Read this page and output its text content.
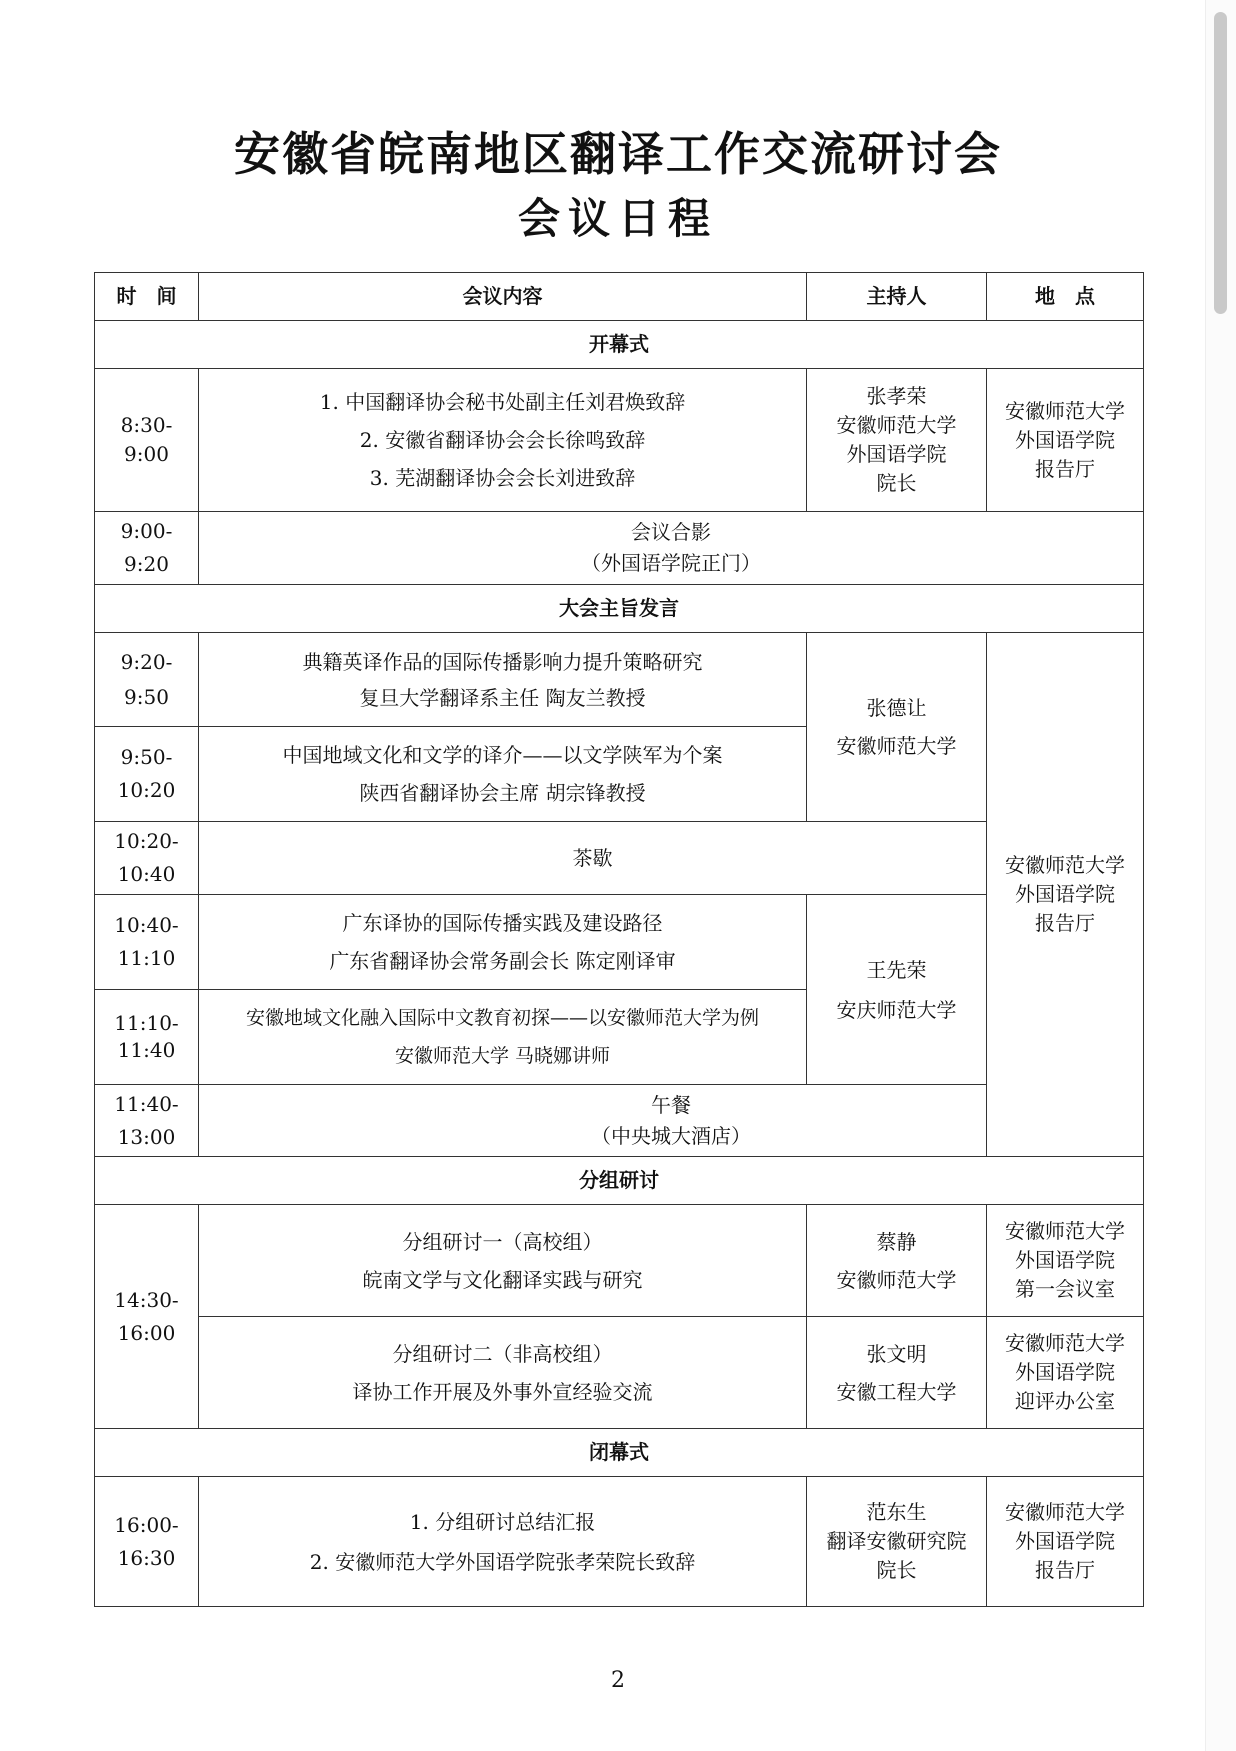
安徽省皖南地区翻译工作交流研讨会
会议日程
时　间	会议内容	主持人	地　点
开幕式			

8:30-
9:00	1. 中国翻译协会秘书处副主任刘君焕致辞
2. 安徽省翻译协会会长徐鸣致辞
3. 芜湖翻译协会会长刘进致辞	张孝荣
安徽师范大学
外国语学院
院长	安徽师范大学
外国语学院
报告厅

9:00-
9:20	会议合影
（外国语学院正门）		

大会主旨发言			

9:20-
9:50	典籍英译作品的国际传播影响力提升策略研究
复旦大学翻译系主任 陶友兰教授	张德让
安徽师范大学	安徽师范大学
外国语学院
报告厅

9:50-
10:20	中国地域文化和文学的译介——以文学陕军为个案
陕西省翻译协会主席 胡宗锋教授		

10:20-
10:40	茶歇		

10:40-
11:10	广东译协的国际传播实践及建设路径
广东省翻译协会常务副会长 陈定刚译审	王先荣
安庆师范大学	

11:10-
11:40	安徽地域文化融入国际中文教育初探——以安徽师范大学为例
安徽师范大学 马晓娜讲师		

11:40-
13:00	午餐
（中央城大酒店）		

分组研讨			

14:30-
16:00	分组研讨一（高校组）
皖南文学与文化翻译实践与研究	蔡静
安徽师范大学	安徽师范大学
外国语学院
第一会议室

	分组研讨二（非高校组）
译协工作开展及外事外宣经验交流	张文明
安徽工程大学	安徽师范大学
外国语学院
迎评办公室

闭幕式			

16:00-
16:30	1. 分组研讨总结汇报
2. 安徽师范大学外国语学院张孝荣院长致辞	范东生
翻译安徽研究院
院长	安徽师范大学
外国语学院
报告厅
2
